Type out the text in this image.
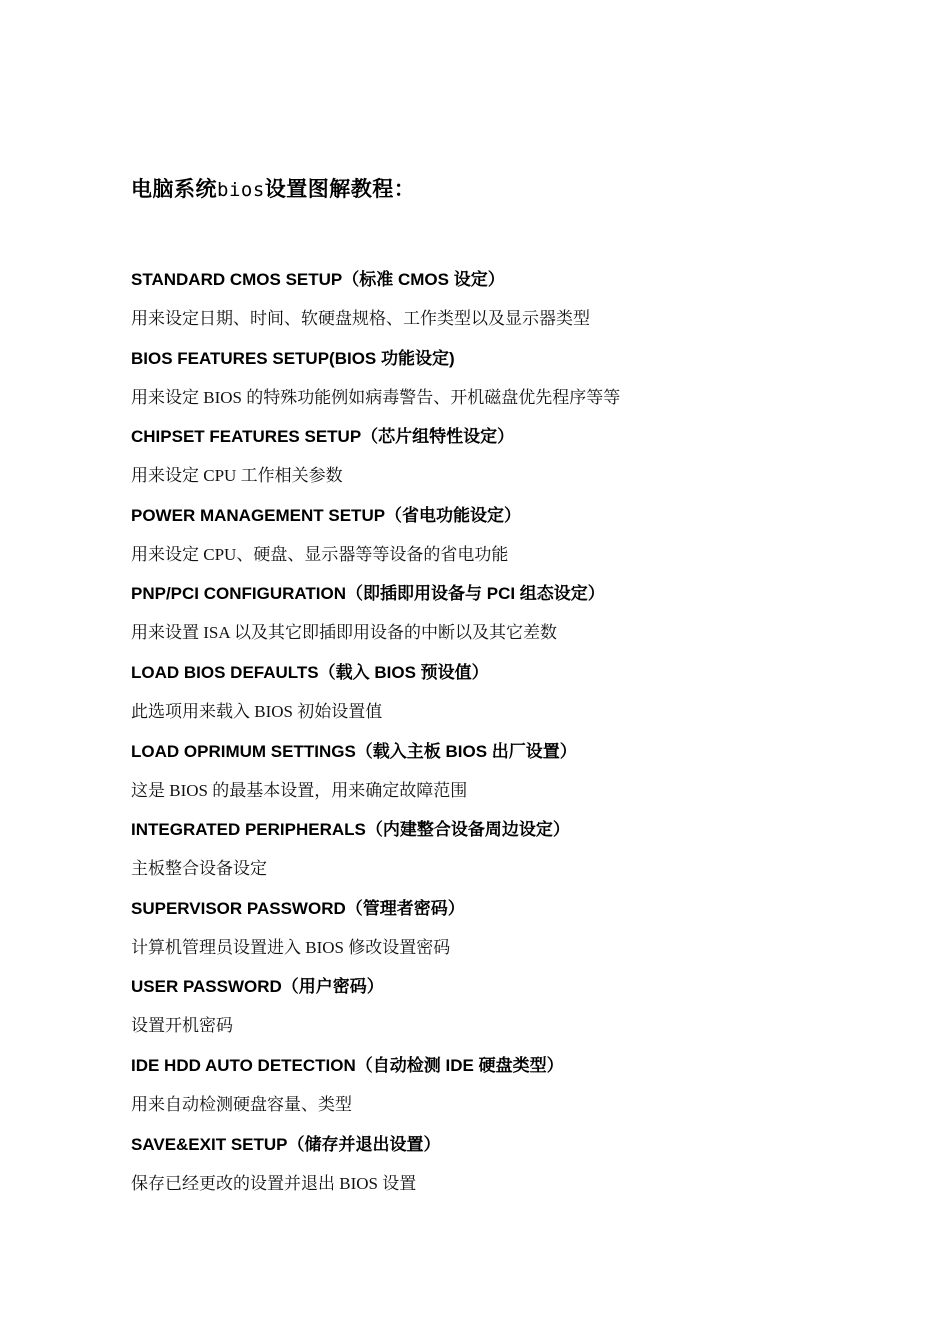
电脑系统bios设置图解教程：
STANDARD CMOS SETUP（标准 CMOS 设定）
用来设定日期、时间、软硬盘规格、工作类型以及显示器类型
BIOS FEATURES SETUP(BIOS 功能设定)
用来设定 BIOS 的特殊功能例如病毒警告、开机磁盘优先程序等等
CHIPSET FEATURES SETUP（芯片组特性设定）
用来设定 CPU 工作相关参数
POWER MANAGEMENT SETUP（省电功能设定）
用来设定 CPU、硬盘、显示器等等设备的省电功能
PNP/PCI CONFIGURATION（即插即用设备与 PCI 组态设定）
用来设置 ISA 以及其它即插即用设备的中断以及其它差数
LOAD BIOS DEFAULTS（载入 BIOS 预设值）
此选项用来载入 BIOS 初始设置值
LOAD OPRIMUM SETTINGS（载入主板 BIOS 出厂设置）
这是 BIOS 的最基本设置，用来确定故障范围
INTEGRATED PERIPHERALS（内建整合设备周边设定）
主板整合设备设定
SUPERVISOR PASSWORD（管理者密码）
计算机管理员设置进入 BIOS 修改设置密码
USER PASSWORD（用户密码）
设置开机密码
IDE HDD AUTO DETECTION（自动检测 IDE 硬盘类型）
用来自动检测硬盘容量、类型
SAVE&EXIT SETUP（储存并退出设置）
保存已经更改的设置并退出 BIOS 设置
